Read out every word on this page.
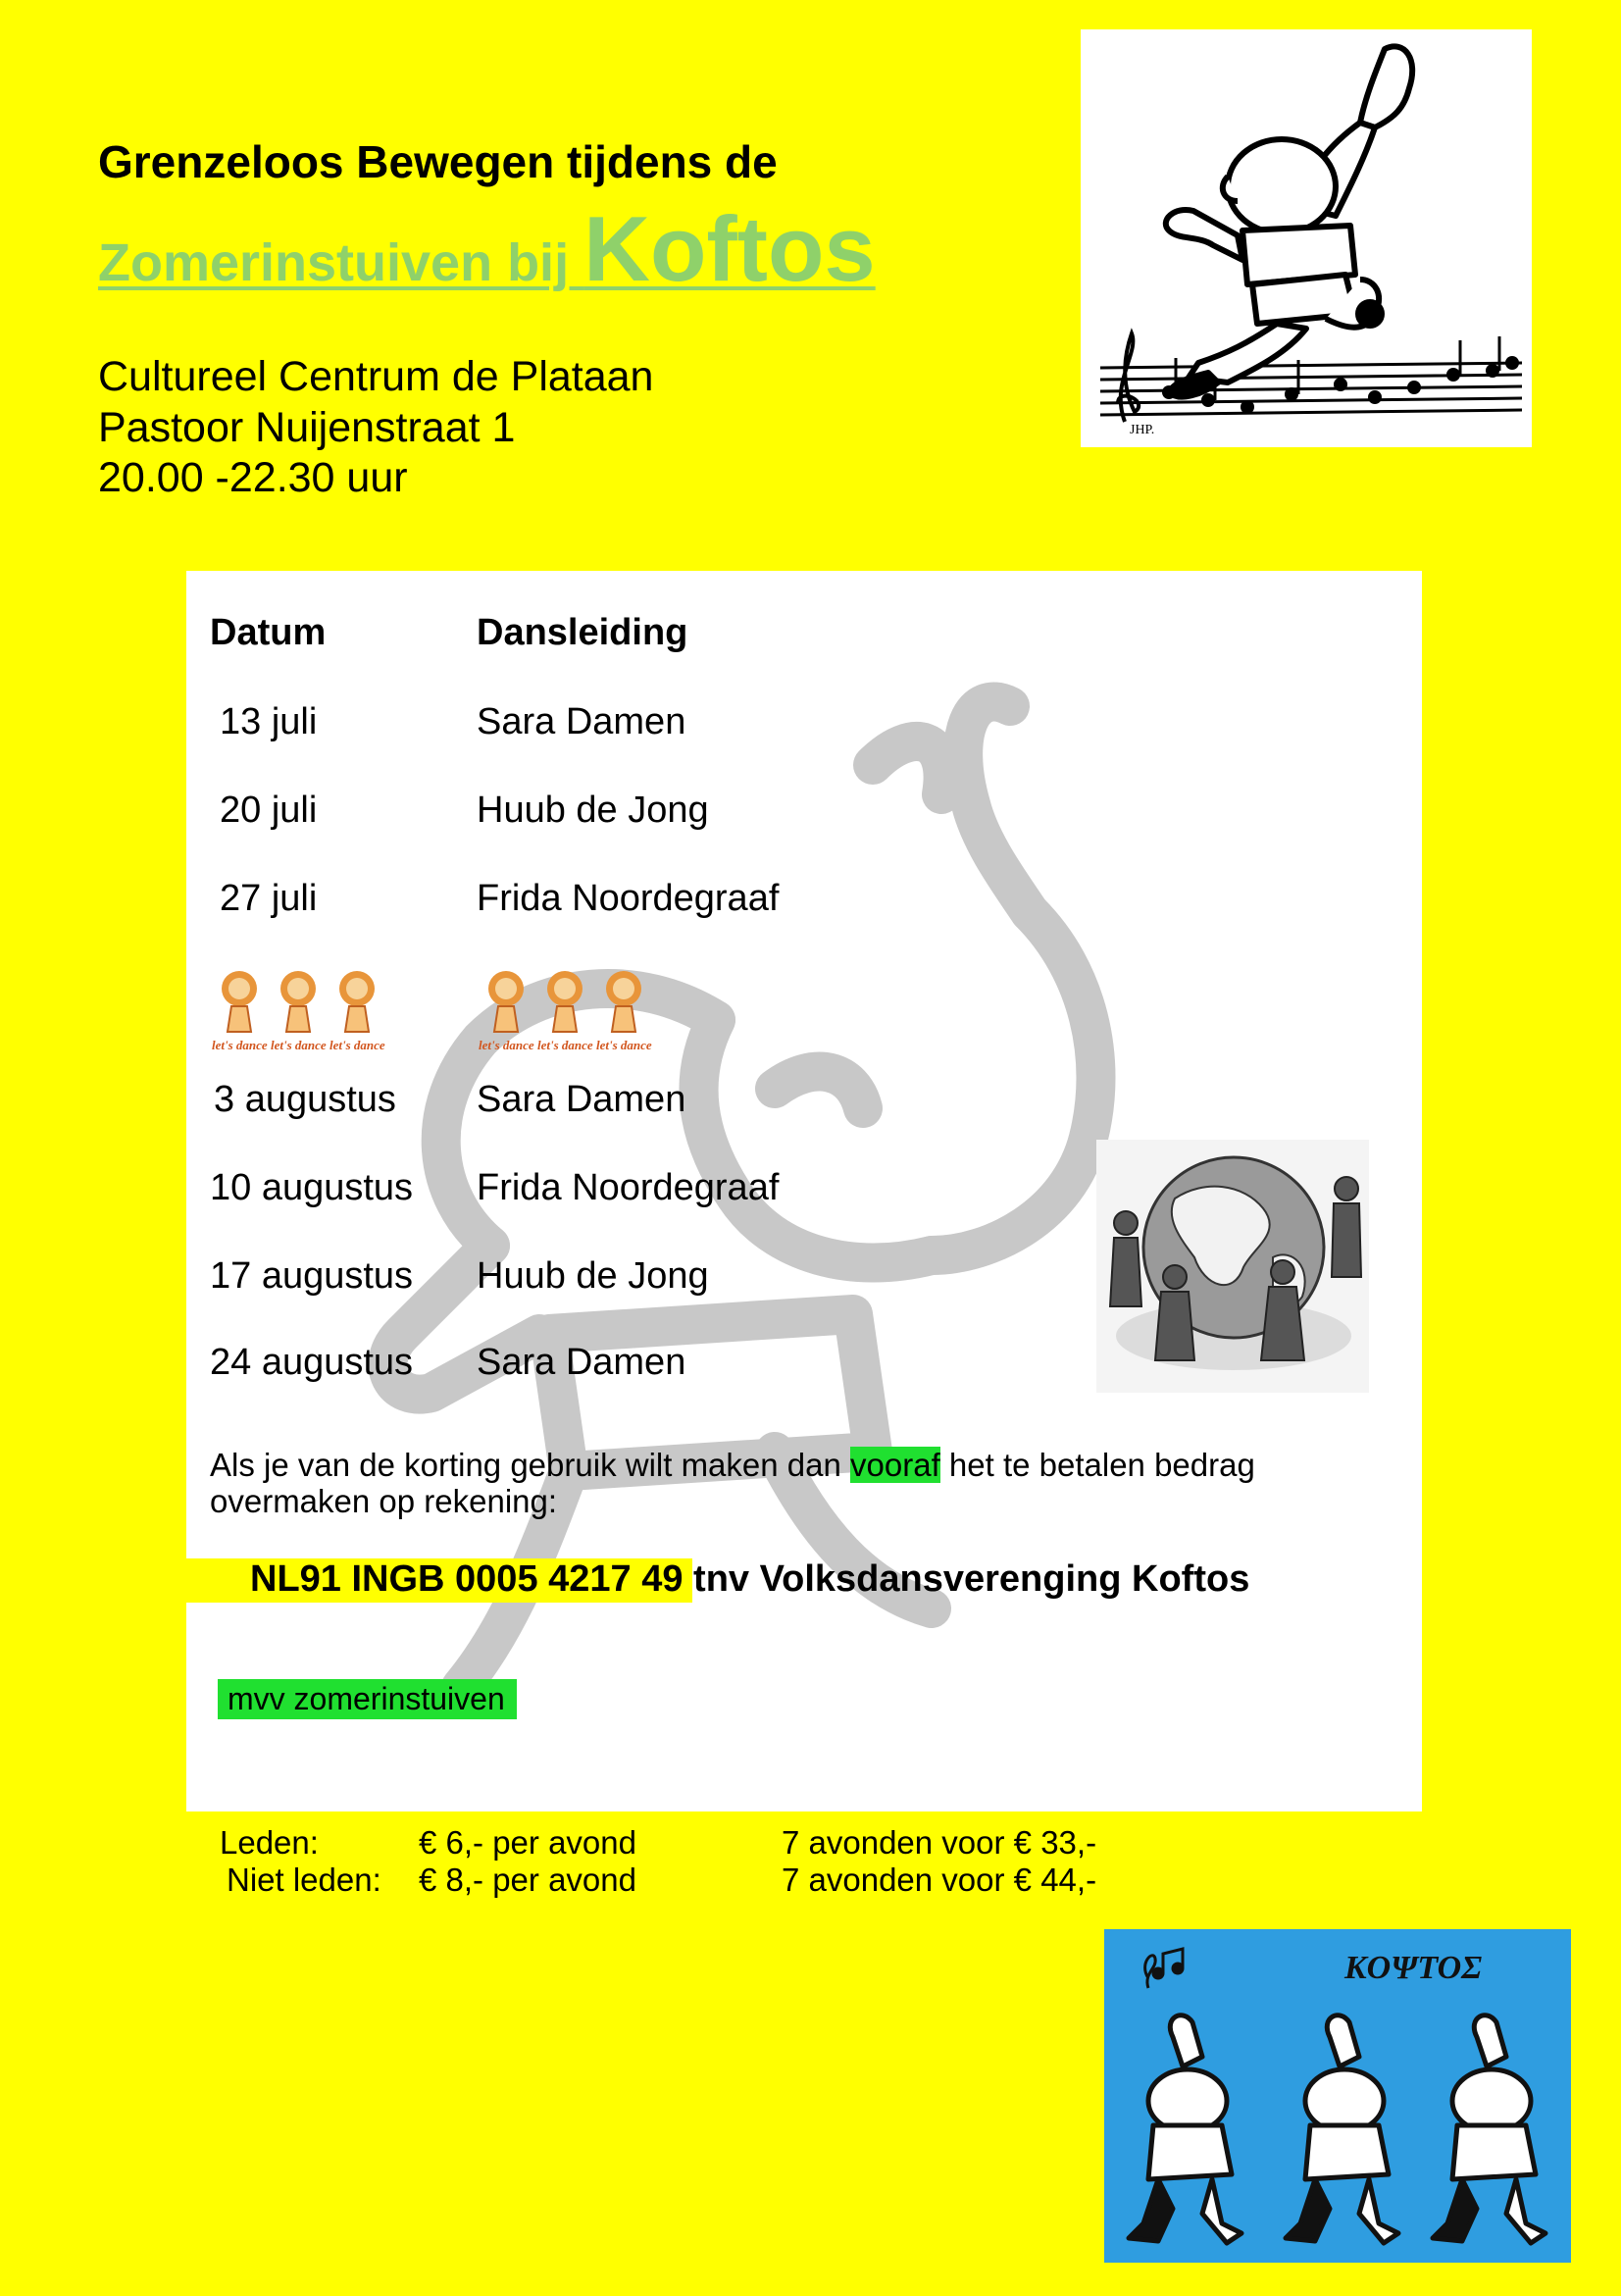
Grenzeloos Bewegen tijdens de
Zomerinstuiven bij Koftos
Cultureel Centrum de Plataan
Pastoor Nuijenstraat 1
20.00 -22.30 uur
JHP.
Datum	Dansleiding
13 juli	Sara Damen
20 juli	Huub de Jong
27 juli	Frida Noordegraaf
let's dance let's dance let's dance	let's dance let's dance let's dance
3 augustus Sara Damen
10 augustus Frida Noordegraaf
17 augustus Huub de Jong
24 augustus Sara Damen
Als je van de korting gebruik wilt maken dan vooraf het te betalen bedrag overmaken op rekening:
NL91 INGB 0005 4217 49 tnv Volksdansverenging Koftos
mvv zomerinstuiven
Leden:	€ 6,- per avond	7 avonden voor € 33,-
Niet leden: € 8,- per avond	7 avonden voor € 44,-
KOΨTOΣ
